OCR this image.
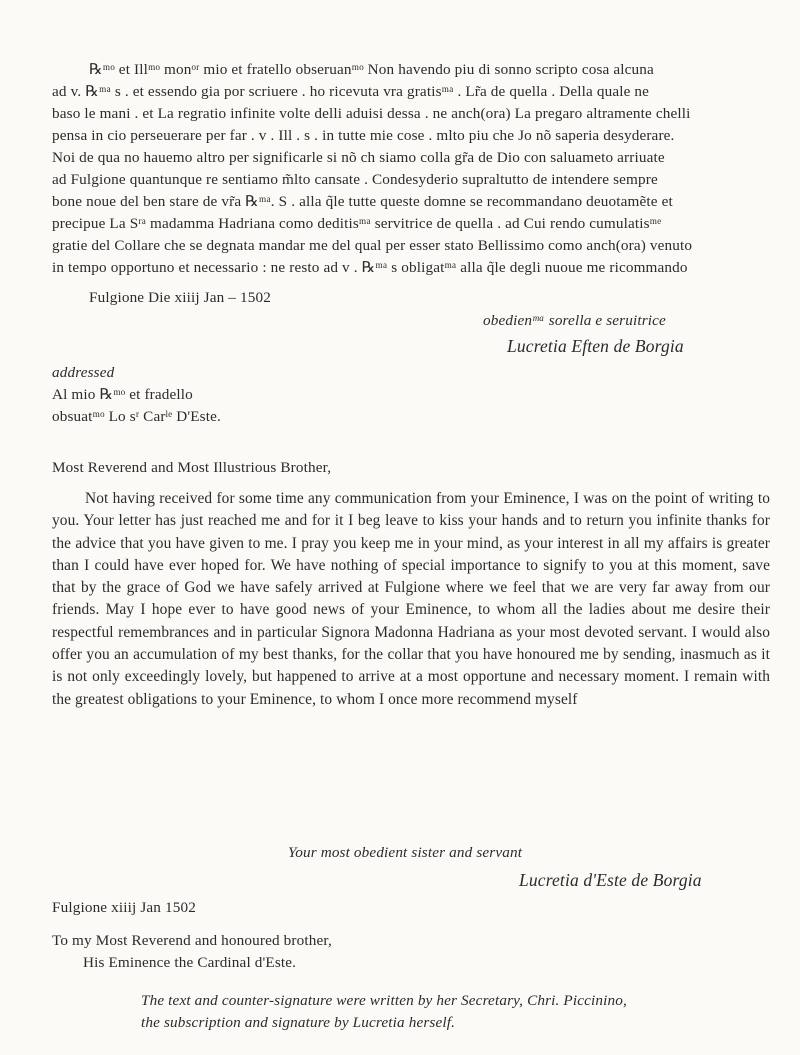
℞ᵐᵒ et Illᵐᵒ monᵒʳ mio et fratello obseruanᵐᵒ Non havendo piu di sonno scripto cosa alcuna
ad v. ℞ᵐᵃ s . et essendo gia por scriuere . ho ricevuta vra gratisᵐᵃ . Lr̃a de quella . Della quale ne
baso le mani . et La regratio infinite volte delli aduisi dessa . ne anch(ora) La pregaro altramente chelli
pensa in cio perseuerare per far . v . Ill . s . in tutte mie cose . mlto piu che Jo nõ saperia desyderare.
Noi de qua no hauemo altro per significarle si nõ ch siamo colla gr̃a de Dio con saluameto arriuate
ad Fulgione quantunque re sentiamo m̃lto cansate . Condesyderio supraltutto de intendere sempre
bone noue del ben stare de vr̃a ℞ᵐᵃ. S . alla q̃le tutte queste domne se recommandano deuotamẽte et
precipue La Sʳᵃ madamma Hadriana como deditisᵐᵃ servitrice de quella . ad Cui rendo cumulatisᵐᵉ
gratie del Collare che se degnata mandar me del qual per esser stato Bellissimo como anch(ora) venuto
in tempo opportuno et necessario : ne resto ad v . ℞ᵐᵃ s obligatᵐᵃ alla q̃le degli nuoue me ricommando
Fulgione Die xiiij Jan – 1502
obedienᵐᵃ sorella e seruitrice
Lucretia Eften de Borgia
addressed
Al mio ℞ᵐᵒ et fradello
obsuatᵐᵒ Lo sʳ Carˡᵉ D'Este.
Most Reverend and Most Illustrious Brother,
Not having received for some time any communication from your Eminence, I was on the point of writing to you. Your letter has just reached me and for it I beg leave to kiss your hands and to return you infinite thanks for the advice that you have given to me. I pray you keep me in your mind, as your interest in all my affairs is greater than I could have ever hoped for. We have nothing of special importance to signify to you at this moment, save that by the grace of God we have safely arrived at Fulgione where we feel that we are very far away from our friends. May I hope ever to have good news of your Eminence, to whom all the ladies about me desire their respectful remembrances and in particular Signora Madonna Hadriana as your most devoted servant. I would also offer you an accumulation of my best thanks, for the collar that you have honoured me by sending, inasmuch as it is not only exceedingly lovely, but happened to arrive at a most opportune and necessary moment. I remain with the greatest obligations to your Eminence, to whom I once more recommend myself
Your most obedient sister and servant
Lucretia d'Este de Borgia
Fulgione xiiij Jan 1502
To my Most Reverend and honoured brother,
His Eminence the Cardinal d'Este.
The text and counter-signature were written by her Secretary, Chri. Piccinino,
the subscription and signature by Lucretia herself.
